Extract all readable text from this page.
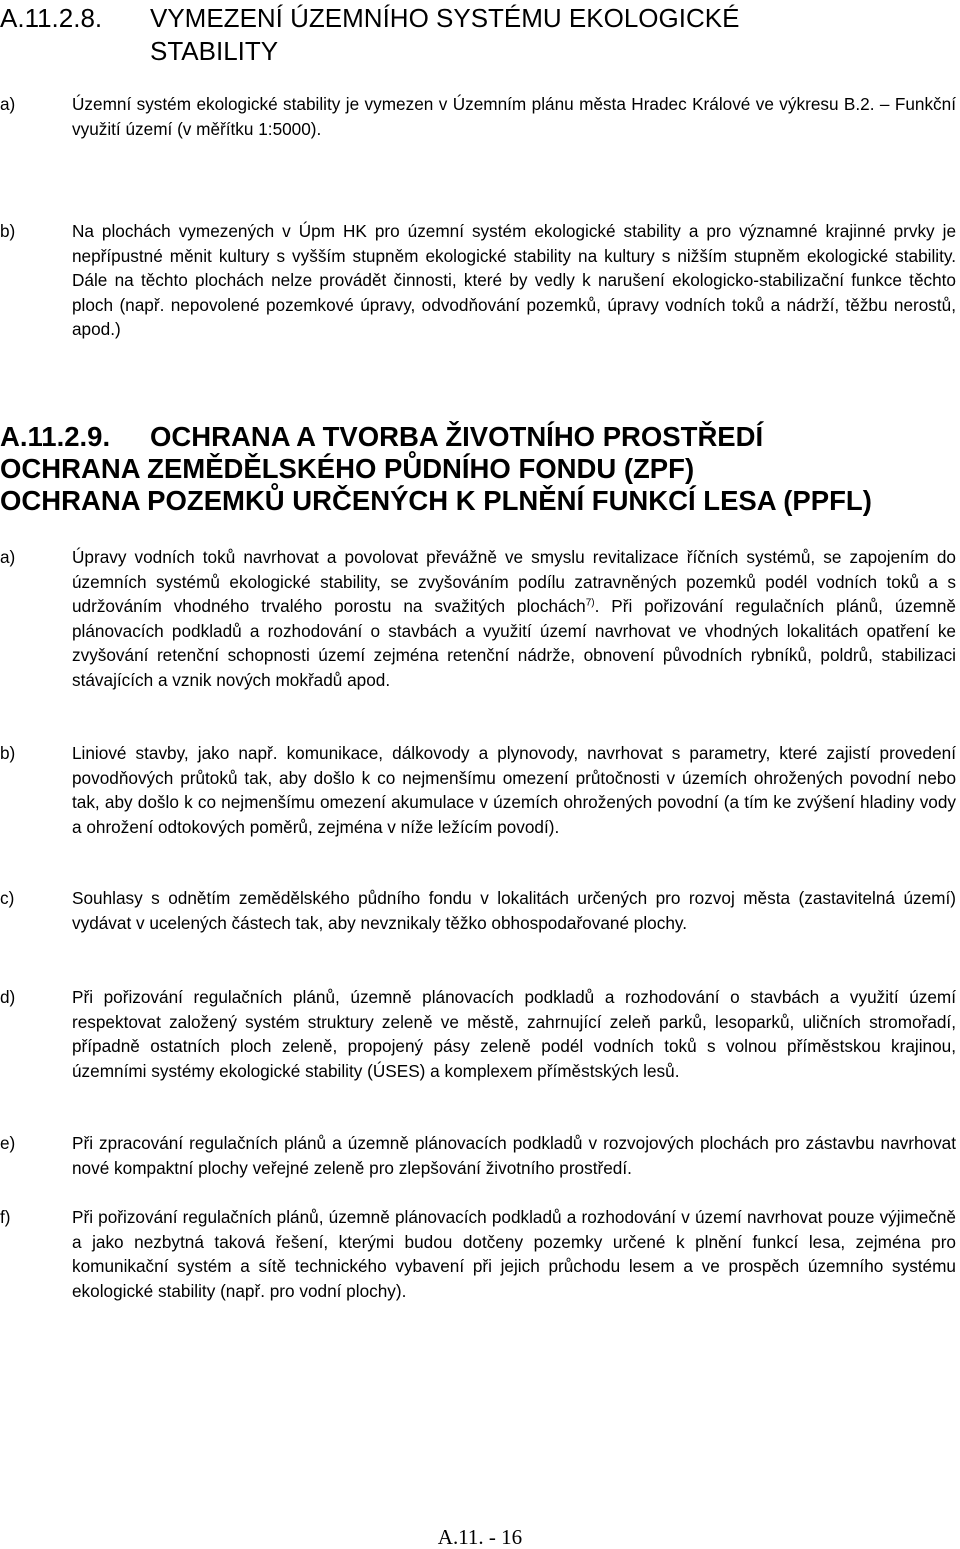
A.11.2.8. VYMEZENÍ ÚZEMNÍHO SYSTÉMU EKOLOGICKÉ
STABILITY
a)	Územní systém ekologické stability je vymezen v Územním plánu města Hradec Králové ve výkresu B.2. – Funkční využití území (v měřítku 1:5000).
b)	Na plochách vymezených v Úpm HK pro územní systém ekologické stability a pro významné krajinné prvky je nepřípustné měnit kultury s vyšším stupněm ekologické stability na kultury s nižším stupněm ekologické stability. Dále na těchto plochách nelze provádět činnosti, které by vedly k narušení ekologicko-stabilizační funkce těchto ploch (např. nepovolené pozemkové úpravy, odvodňování pozemků, úpravy vodních toků a nádrží, těžbu nerostů, apod.)
A.11.2.9. OCHRANA A TVORBA ŽIVOTNÍHO PROSTŘEDÍ
OCHRANA ZEMĚDĚLSKÉHO PŮDNÍHO FONDU (ZPF)
OCHRANA POZEMKŮ URČENÝCH K PLNĚNÍ FUNKCÍ LESA (PPFL)
a)	Úpravy vodních toků navrhovat a povolovat převážně ve smyslu revitalizace říčních systémů, se zapojením do územních systémů ekologické stability, se zvyšováním podílu zatravněných pozemků podél vodních toků a s udržováním vhodného trvalého porostu na svažitých plochách$^{7)}$. Při pořizování regulačních plánů, územně plánovacích podkladů a rozhodování o stavbách a využití území navrhovat ve vhodných lokalitách opatření ke zvyšování retenční schopnosti území zejména retenční nádrže, obnovení původních rybníků, poldrů, stabilizaci stávajících a vznik nových mokřadů apod.
b)	Liniové stavby, jako např. komunikace, dálkovody a plynovody, navrhovat s parametry, které zajistí provedení povodňových průtoků tak, aby došlo k co nejmenšímu omezení průtočnosti v územích ohrožených povodní nebo tak, aby došlo k co nejmenšímu omezení akumulace v územích ohrožených povodní (a tím ke zvýšení hladiny vody a ohrožení odtokových poměrů, zejména v níže ležícím povodí).
c)	Souhlasy s odnětím zemědělského půdního fondu v lokalitách určených pro rozvoj města (zastavitelná území) vydávat v ucelených částech tak, aby nevznikaly těžko obhospodařované plochy.
d)	Při pořizování regulačních plánů, územně plánovacích podkladů a rozhodování o stavbách a využití území respektovat založený systém struktury zeleně ve městě, zahrnující zeleň parků, lesoparků, uličních stromořadí, případně ostatních ploch zeleně, propojený pásy zeleně podél vodních toků s volnou příměstskou krajinou, územními systémy ekologické stability (ÚSES) a komplexem příměstských lesů.
e)	Při zpracování regulačních plánů a územně plánovacích podkladů v rozvojových plochách pro zástavbu navrhovat nové kompaktní plochy veřejné zeleně pro zlepšování životního prostředí.
f)	Při pořizování regulačních plánů, územně plánovacích podkladů a rozhodování v území navrhovat pouze výjimečně a jako nezbytná taková řešení, kterými budou dotčeny pozemky určené k plnění funkcí lesa, zejména pro komunikační systém a sítě technického vybavení při jejich průchodu lesem a ve prospěch územního systému ekologické stability (např. pro vodní plochy).
A.11. - 16
